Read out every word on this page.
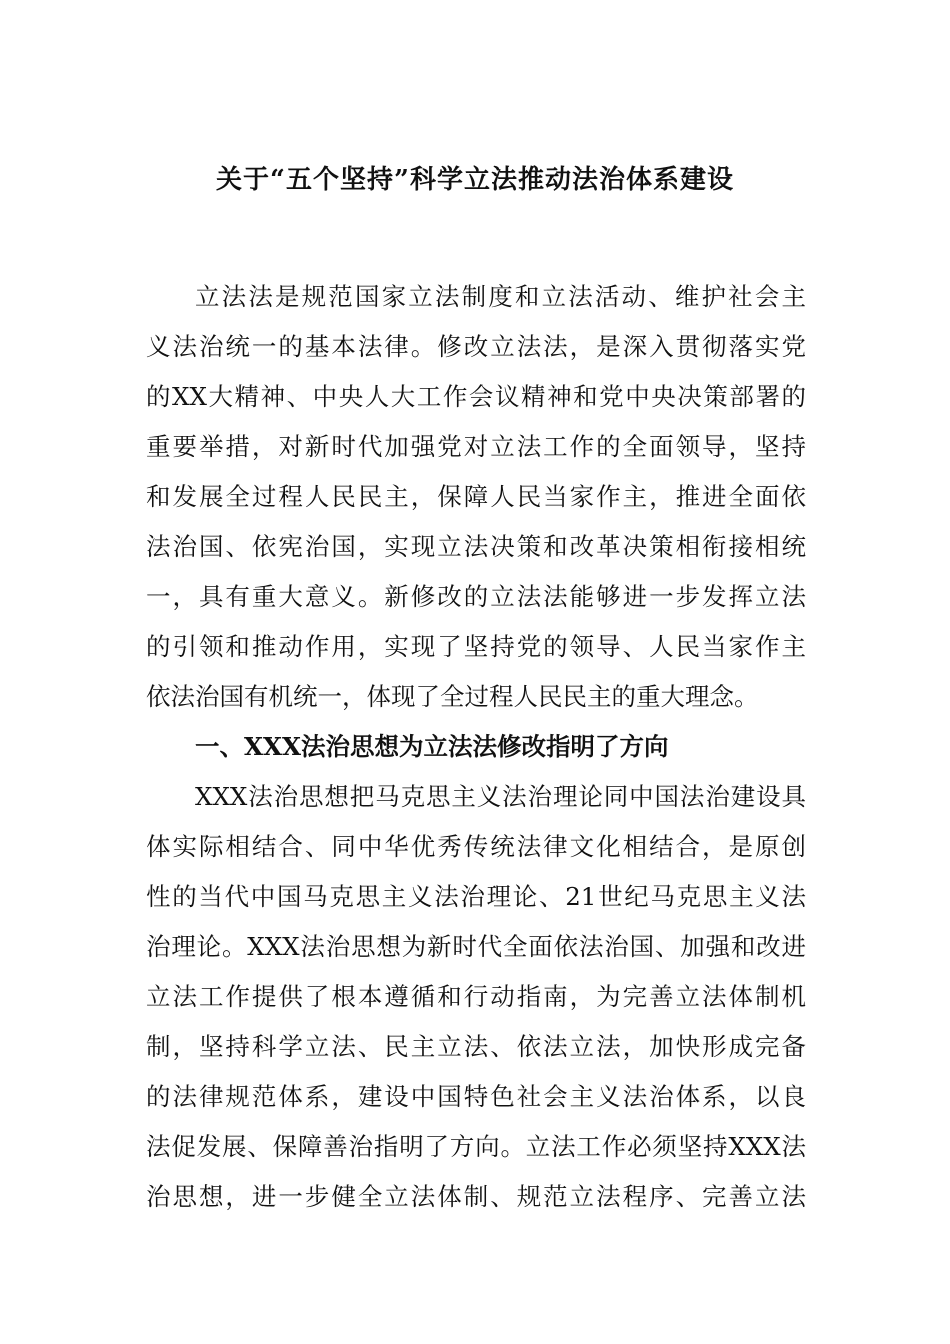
关于“五个坚持”科学立法推动法治体系建设
立法法是规范国家立法制度和立法活动、维护社会主
义法治统一的基本法律。修改立法法，是深入贯彻落实党
的XX大精神、中央人大工作会议精神和党中央决策部署的
重要举措，对新时代加强党对立法工作的全面领导，坚持
和发展全过程人民民主，保障人民当家作主，推进全面依
法治国、依宪治国，实现立法决策和改革决策相衔接相统
一，具有重大意义。新修改的立法法能够进一步发挥立法
的引领和推动作用，实现了坚持党的领导、人民当家作主
依法治国有机统一，体现了全过程人民民主的重大理念。
一、XXX法治思想为立法法修改指明了方向
XXX法治思想把马克思主义法治理论同中国法治建设具
体实际相结合、同中华优秀传统法律文化相结合，是原创
性的当代中国马克思主义法治理论、21世纪马克思主义法
治理论。XXX法治思想为新时代全面依法治国、加强和改进
立法工作提供了根本遵循和行动指南，为完善立法体制机
制，坚持科学立法、民主立法、依法立法，加快形成完备
的法律规范体系，建设中国特色社会主义法治体系，以良
法促发展、保障善治指明了方向。立法工作必须坚持XXX法
治思想，进一步健全立法体制、规范立法程序、完善立法
